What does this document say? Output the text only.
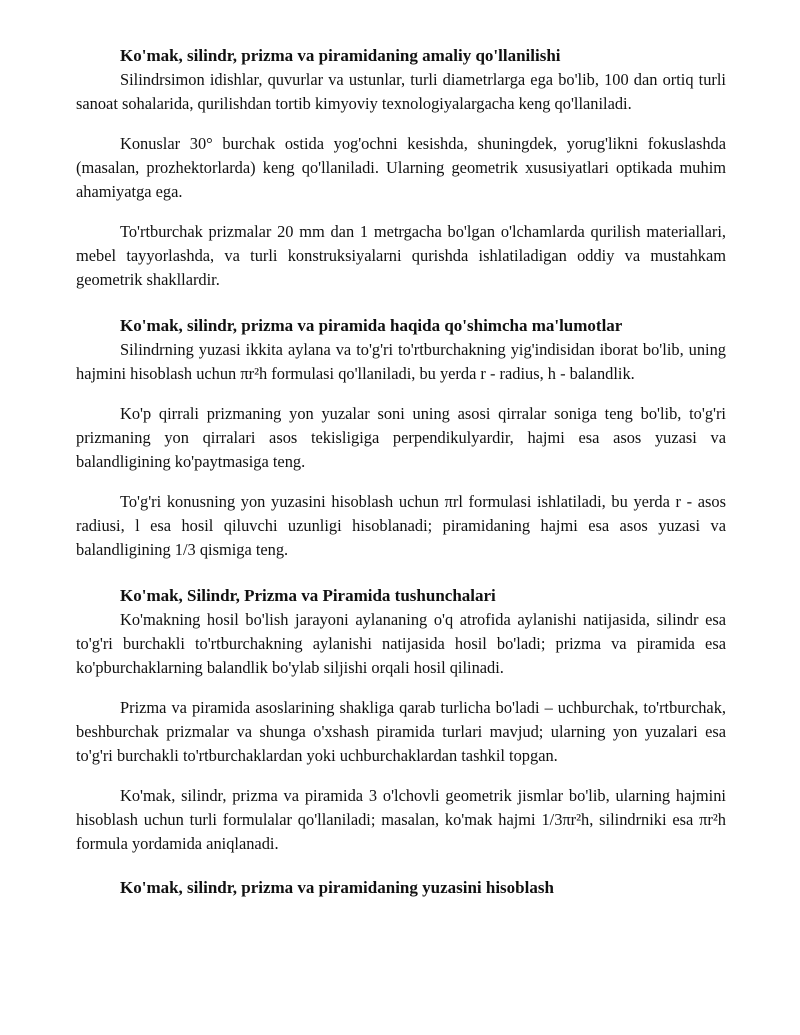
Ko'mak, silindr, prizma va piramidaning amaliy qo'llanilishi

Silindrsimon idishlar, quvurlar va ustunlar, turli diametrlarga ega bo'lib, 100 dan ortiq turli sanoat sohalarida, qurilishdan tortib kimyoviy texnologiyalargacha keng qo'llaniladi.

Konuslar 30° burchak ostida yog'ochni kesishda, shuningdek, yorug'likni fokuslashda (masalan, prozhektorlarda) keng qo'llaniladi. Ularning geometrik xususiyatlari optikada muhim ahamiyatga ega.

To'rtburchak prizmalar 20 mm dan 1 metrgacha bo'lgan o'lchamlarda qurilish materiallari, mebel tayyorlashda, va turli konstruksiyalarni qurishda ishlatiladigan oddiy va mustahkam geometrik shakllardir.

Ko'mak, silindr, prizma va piramida haqida qo'shimcha ma'lumotlar

Silindrning yuzasi ikkita aylana va to'g'ri to'rtburchakning yig'indisidan iborat bo'lib, uning hajmini hisoblash uchun πr²h formulasi qo'llaniladi, bu yerda r - radius, h - balandlik.

Ko'p qirrali prizmaning yon yuzalar soni uning asosi qirralar soniga teng bo'lib, to'g'ri prizmaning yon qirralari asos tekisligiga perpendikulyardir, hajmi esa asos yuzasi va balandligining ko'paytmasiga teng.

To'g'ri konusning yon yuzasini hisoblash uchun πrl formulasi ishlatiladi, bu yerda r - asos radiusi, l esa hosil qiluvchi uzunligi hisoblanadi; piramidaning hajmi esa asos yuzasi va balandligining 1/3 qismiga teng.

Ko'mak, Silindr, Prizma va Piramida tushunchalari

Ko'makning hosil bo'lish jarayoni aylananing o'q atrofida aylanishi natijasida, silindr esa to'g'ri burchakli to'rtburchakning aylanishi natijasida hosil bo'ladi; prizma va piramida esa ko'pburchaklarning balandlik bo'ylab siljishi orqali hosil qilinadi.

Prizma va piramida asoslarining shakliga qarab turlicha bo'ladi – uchburchak, to'rtburchak, beshburchak prizmalar va shunga o'xshash piramida turlari mavjud; ularning yon yuzalari esa to'g'ri burchakli to'rtburchaklardan yoki uchburchaklardan tashkil topgan.

Ko'mak, silindr, prizma va piramida 3 o'lchovli geometrik jismlar bo'lib, ularning hajmini hisoblash uchun turli formulalar qo'llaniladi; masalan, ko'mak hajmi 1/3πr²h, silindrniki esa πr²h formula yordamida aniqlanadi.

Ko'mak, silindr, prizma va piramidaning yuzasini hisoblash
